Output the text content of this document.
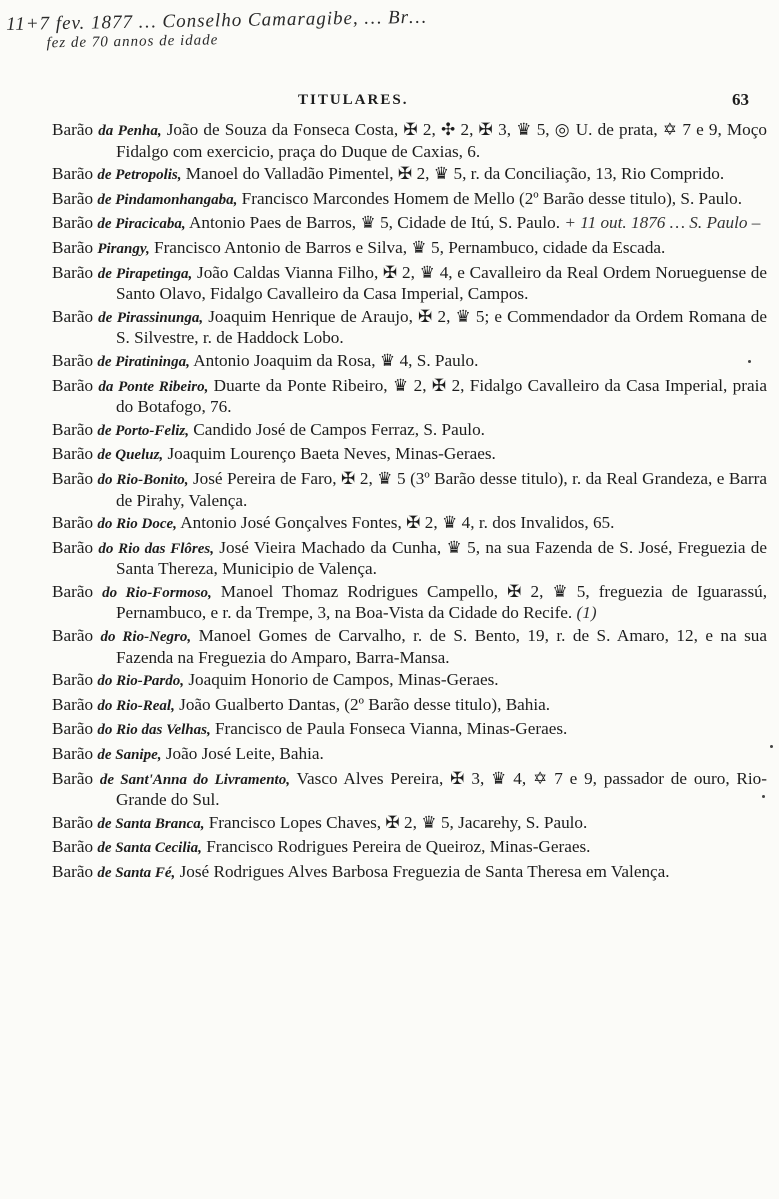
11+7 fev. 1877 … Conselho Camaragibe, … Br…
fez de 70 annos de idade
TITULARES.	63

Barão da Penha, João de Souza da Fonseca Costa, ✠ 2, ✣ 2, ✠ 3, ♛ 5, ◎ U. de prata, ✡ 7 e 9, Moço Fidalgo com exercicio, praça do Duque de Caxias, 6.

Barão de Petropolis, Manoel do Valladão Pimentel, ✠ 2, ♛ 5, r. da Conciliação, 13, Rio Comprido.

Barão de Pindamonhangaba, Francisco Marcondes Homem de Mello (2º Barão desse titulo), S. Paulo.

Barão de Piracicaba, Antonio Paes de Barros, ♛ 5, Cidade de Itú, S. Paulo. + 11 out. 1876 … S. Paulo –

Barão Pirangy, Francisco Antonio de Barros e Silva, ♛ 5, Pernambuco, cidade da Escada.

Barão de Pirapetinga, João Caldas Vianna Filho, ✠ 2, ♛ 4, e Cavalleiro da Real Ordem Norueguense de Santo Olavo, Fidalgo Cavalleiro da Casa Imperial, Campos.

Barão de Pirassinunga, Joaquim Henrique de Araujo, ✠ 2, ♛ 5; e Commendador da Ordem Romana de S. Silvestre, r. de Haddock Lobo.

Barão de Piratininga, Antonio Joaquim da Rosa, ♛ 4, S. Paulo.

Barão da Ponte Ribeiro, Duarte da Ponte Ribeiro, ♛ 2, ✠ 2, Fidalgo Cavalleiro da Casa Imperial, praia do Botafogo, 76.

Barão de Porto-Feliz, Candido José de Campos Ferraz, S. Paulo.

Barão de Queluz, Joaquim Lourenço Baeta Neves, Minas-Geraes.

Barão do Rio-Bonito, José Pereira de Faro, ✠ 2, ♛ 5 (3º Barão desse titulo), r. da Real Grandeza, e Barra de Pirahy, Valença.

Barão do Rio Doce, Antonio José Gonçalves Fontes, ✠ 2, ♛ 4, r. dos Invalidos, 65.

Barão do Rio das Flôres, José Vieira Machado da Cunha, ♛ 5, na sua Fazenda de S. José, Freguezia de Santa Thereza, Municipio de Valença.

Barão do Rio-Formoso, Manoel Thomaz Rodrigues Campello, ✠ 2, ♛ 5, freguezia de Iguarassú, Pernambuco, e r. da Trempe, 3, na Boa-Vista da Cidade do Recife. (1)

Barão do Rio-Negro, Manoel Gomes de Carvalho, r. de S. Bento, 19, r. de S. Amaro, 12, e na sua Fazenda na Freguezia do Amparo, Barra-Mansa.

Barão do Rio-Pardo, Joaquim Honorio de Campos, Minas-Geraes.

Barão do Rio-Real, João Gualberto Dantas, (2º Barão desse titulo), Bahia.

Barão do Rio das Velhas, Francisco de Paula Fonseca Vianna, Minas-Geraes.

Barão de Sanipe, João José Leite, Bahia.

Barão de Sant'Anna do Livramento, Vasco Alves Pereira, ✠ 3, ♛ 4, ✡ 7 e 9, passador de ouro, Rio-Grande do Sul.

Barão de Santa Branca, Francisco Lopes Chaves, ✠ 2, ♛ 5, Jacarehy, S. Paulo.

Barão de Santa Cecilia, Francisco Rodrigues Pereira de Queiroz, Minas-Geraes.

Barão de Santa Fé, José Rodrigues Alves Barbosa Freguezia de Santa Theresa em Valença.
